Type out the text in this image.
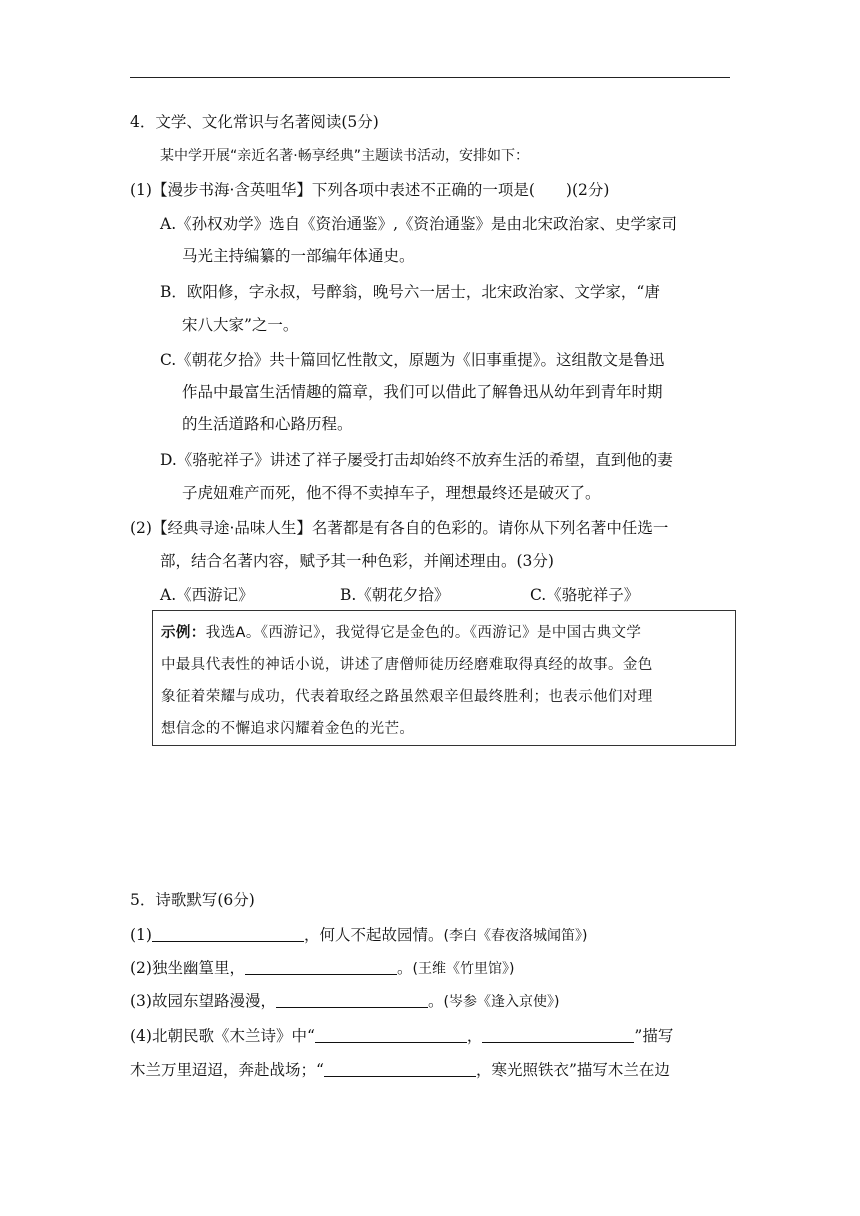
4．文学、文化常识与名著阅读(5分)
某中学开展“亲近名著·畅享经典”主题读书活动，安排如下：
(1)【漫步书海·含英咀华】下列各项中表述不正确的一项是(　　)(2分)
A.《孙权劝学》选自《资治通鉴》,《资治通鉴》是由北宋政治家、史学家司
马光主持编纂的一部编年体通史。
B．欧阳修，字永叔，号醉翁，晚号六一居士，北宋政治家、文学家，“唐
宋八大家”之一。
C.《朝花夕拾》共十篇回忆性散文，原题为《旧事重提》。这组散文是鲁迅
作品中最富生活情趣的篇章，我们可以借此了解鲁迅从幼年到青年时期
的生活道路和心路历程。
D.《骆驼祥子》讲述了祥子屡受打击却始终不放弃生活的希望，直到他的妻
子虎妞难产而死，他不得不卖掉车子，理想最终还是破灭了。
(2)【经典寻途·品味人生】名著都是有各自的色彩的。请你从下列名著中任选一
部，结合名著内容，赋予其一种色彩，并阐述理由。(3分)
A.《西游记》	B.《朝花夕拾》	C.《骆驼祥子》
示例：我选A。《西游记》，我觉得它是金色的。《西游记》是中国古典文学
中最具代表性的神话小说，讲述了唐僧师徒历经磨难取得真经的故事。金色
象征着荣耀与成功，代表着取经之路虽然艰辛但最终胜利；也表示他们对理
想信念的不懈追求闪耀着金色的光芒。
5．诗歌默写(6分)
(1)	，何人不起故园情。(李白《春夜洛城闻笛》)
(2)独坐幽篁里，	。(王维《竹里馆》)
(3)故园东望路漫漫，	。(岑参《逢入京使》)
(4)北朝民歌《木兰诗》中“	，	”描写
木兰万里迢迢，奔赴战场；“	，寒光照铁衣”描写木兰在边
